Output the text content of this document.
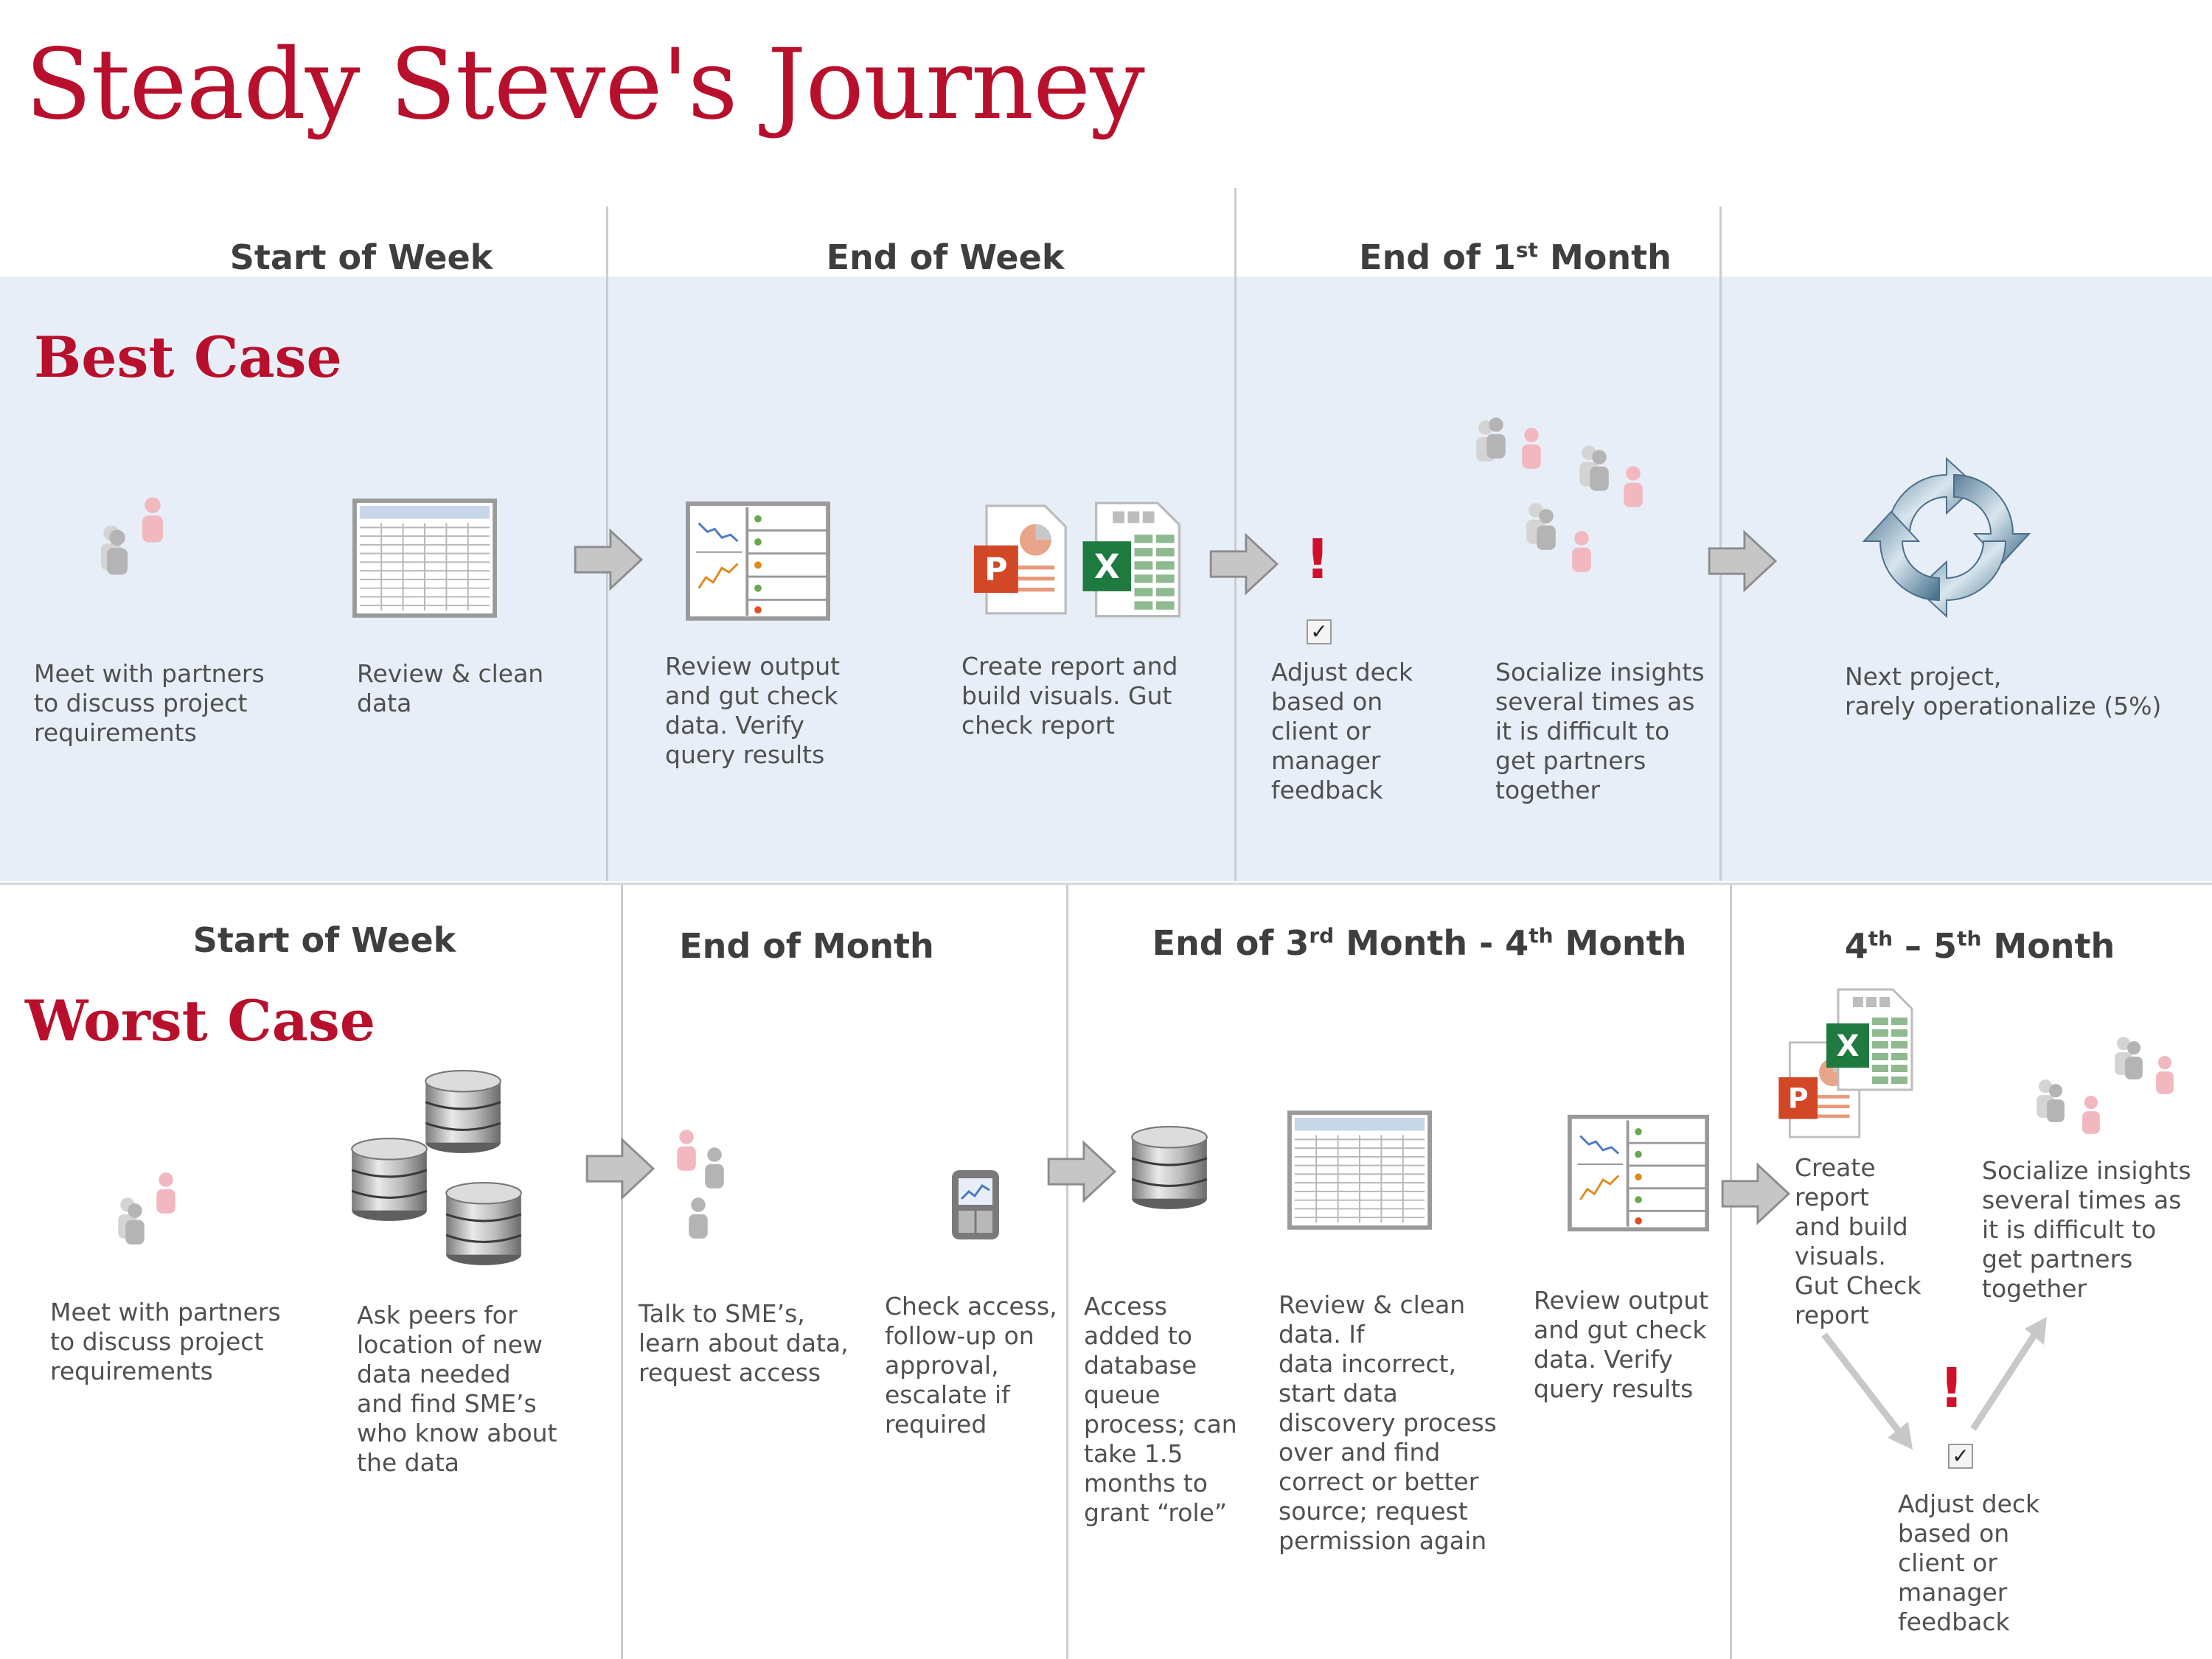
Steady Steve's Journey
Start of Week	End of Week	End of 1st Month
Best Case
!
✓
Meet with partners
to discuss project
requirements
Review & clean
data
Review output
and gut check
data. Verify
query results
Create report and
build visuals. Gut
check report
Adjust deck
based on
client or
manager
feedback
Socialize insights
several times as
it is difficult to
get partners
together
Next project,
rarely operationalize (5%)
Start of Week	End of Month	End of 3rd Month - 4th Month	4th – 5th Month
Worst Case
!
✓
Meet with partners
to discuss project
requirements
Ask peers for
location of new
data needed
and find SME’s
who know about
the data
Talk to SME’s,
learn about data,
request access
Check access,
follow-up on
approval,
escalate if
required
Access
added to
database
queue
process; can
take 1.5
months to
grant “role”
Review & clean
data. If
data incorrect,
start data
discovery process
over and find
correct or better
source; request
permission again
Review output
and gut check
data. Verify
query results
Create
report
and build
visuals.
Gut Check
report
Socialize insights
several times as
it is difficult to
get partners
together
Adjust deck
based on
client or
manager
feedback
